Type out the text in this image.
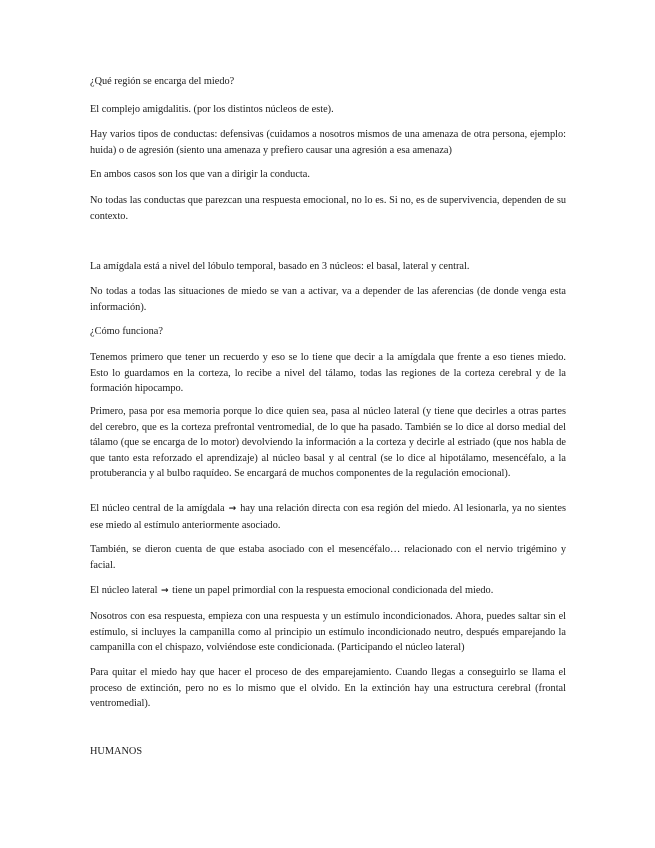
¿Qué región se encarga del miedo?

El complejo amigdalitis. (por los distintos núcleos de este).

Hay varios tipos de conductas: defensivas (cuidamos a nosotros mismos de una amenaza de otra persona, ejemplo: huida) o de agresión (siento una amenaza y prefiero causar una agresión a esa amenaza)

En ambos casos son los que van a dirigir la conducta.

No todas las conductas que parezcan una respuesta emocional, no lo es. Si no, es de supervivencia, dependen de su contexto.

La amígdala está a nivel del lóbulo temporal, basado en 3 núcleos: el basal, lateral y central.

No todas a todas las situaciones de miedo se van a activar, va a depender de las aferencias (de donde venga esta información).

¿Cómo funciona?

Tenemos primero que tener un recuerdo y eso se lo tiene que decir a la amígdala que frente a eso tienes miedo. Esto lo guardamos en la corteza, lo recibe a nivel del tálamo, todas las regiones de la corteza cerebral y de la formación hipocampo.

Primero, pasa por esa memoria porque lo dice quien sea, pasa al núcleo lateral (y tiene que decirles a otras partes del cerebro, que es la corteza prefrontal ventromedial, de lo que ha pasado. También se lo dice al dorso medial del tálamo (que se encarga de lo motor) devolviendo la información a la corteza y decirle al estriado (que nos habla de que tanto esta reforzado el aprendizaje) al núcleo basal y al central (se lo dice al hipotálamo, mesencéfalo, a la protuberancia y al bulbo raquídeo. Se encargará de muchos componentes de la regulación emocional).

El núcleo central de la amígdala → hay una relación directa con esa región del miedo. Al lesionarla, ya no sientes ese miedo al estímulo anteriormente asociado.

También, se dieron cuenta de que estaba asociado con el mesencéfalo… relacionado con el nervio trigémino y facial.

El núcleo lateral → tiene un papel primordial con la respuesta emocional condicionada del miedo.

Nosotros con esa respuesta, empieza con una respuesta y un estímulo incondicionados. Ahora, puedes saltar sin el estímulo, si incluyes la campanilla como al principio un estímulo incondicionado neutro, después emparejando la campanilla con el chispazo, volviéndose este condicionada. (Participando el núcleo lateral)

Para quitar el miedo hay que hacer el proceso de des emparejamiento. Cuando llegas a conseguirlo se llama el proceso de extinción, pero no es lo mismo que el olvido. En la extinción hay una estructura cerebral (frontal ventromedial).

HUMANOS
